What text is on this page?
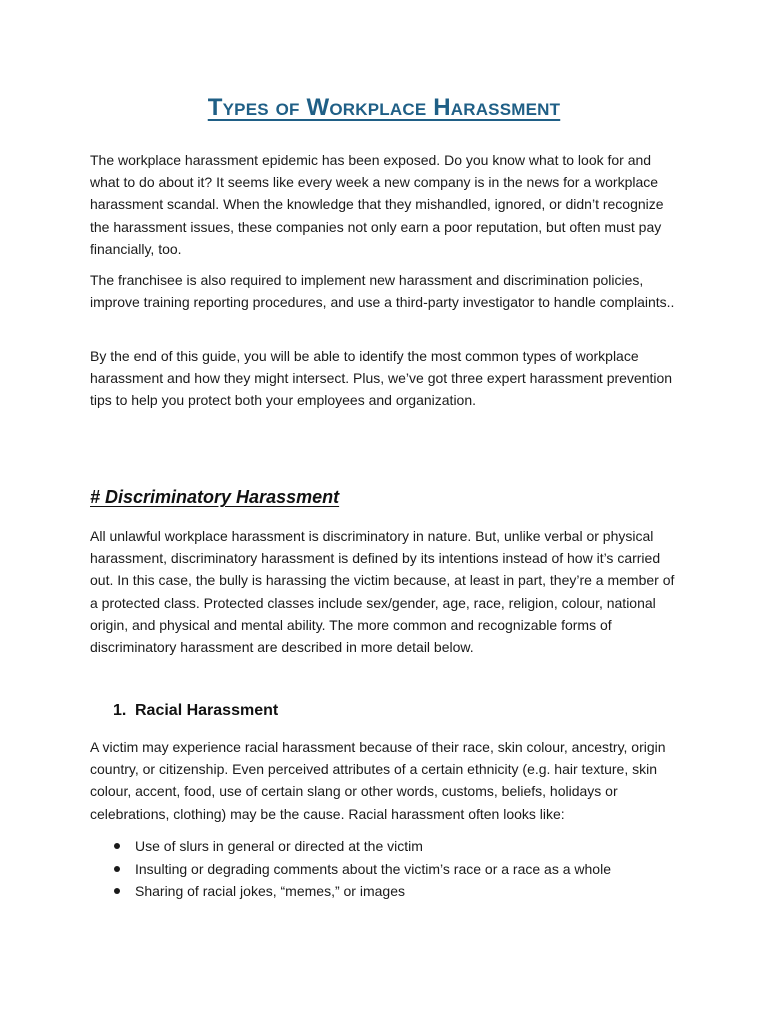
Types of Workplace Harassment

The workplace harassment epidemic has been exposed. Do you know what to look for and what to do about it? It seems like every week a new company is in the news for a workplace harassment scandal. When the knowledge that they mishandled, ignored, or didn’t recognize the harassment issues, these companies not only earn a poor reputation, but often must pay financially, too.

The franchisee is also required to implement new harassment and discrimination policies, improve training reporting procedures, and use a third-party investigator to handle complaints..

By the end of this guide, you will be able to identify the most common types of workplace harassment and how they might intersect. Plus, we’ve got three expert harassment prevention tips to help you protect both your employees and organization.

# Discriminatory Harassment

All unlawful workplace harassment is discriminatory in nature. But, unlike verbal or physical harassment, discriminatory harassment is defined by its intentions instead of how it’s carried out. In this case, the bully is harassing the victim because, at least in part, they’re a member of a protected class. Protected classes include sex/gender, age, race, religion, colour, national origin, and physical and mental ability. The more common and recognizable forms of discriminatory harassment are described in more detail below.

1. Racial Harassment

A victim may experience racial harassment because of their race, skin colour, ancestry, origin country, or citizenship. Even perceived attributes of a certain ethnicity (e.g. hair texture, skin colour, accent, food, use of certain slang or other words, customs, beliefs, holidays or celebrations, clothing) may be the cause. Racial harassment often looks like:

Use of slurs in general or directed at the victim
Insulting or degrading comments about the victim’s race or a race as a whole
Sharing of racial jokes, “memes,” or images
